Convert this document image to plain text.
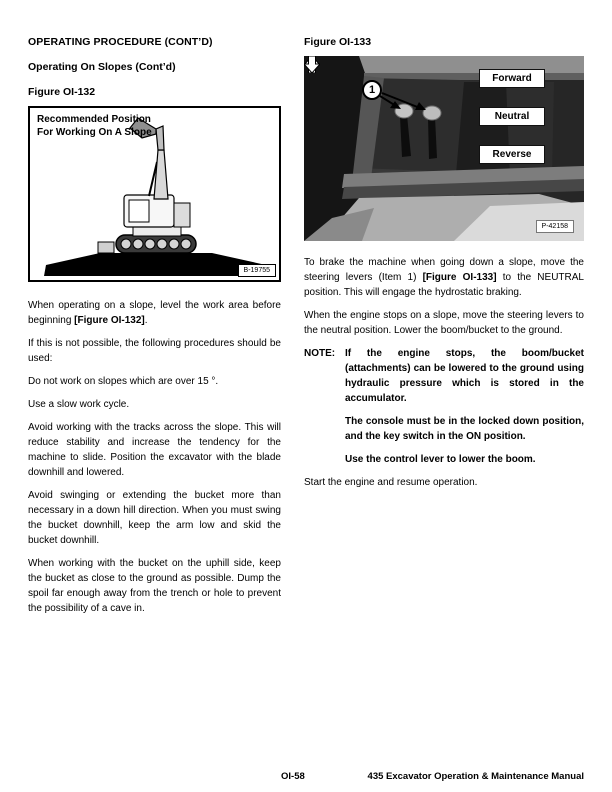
OPERATING PROCEDURE (CONT’D)
Operating On Slopes (Cont’d)
Figure OI-132
Recommended Position
For Working On A Slope
B-19755

When operating on a slope, level the work area before beginning [Figure OI-132].

If this is not possible, the following procedures should be used:

Do not work on slopes which are over 15 °.

Use a slow work cycle.

Avoid working with the tracks across the slope. This will reduce stability and increase the tendency for the machine to slide. Position the excavator with the blade downhill and lowered.

Avoid swinging or extending the bucket more than necessary in a down hill direction. When you must swing the bucket downhill, keep the arm low and skid the bucket downhill.

When working with the bucket on the uphill side, keep the bucket as close to the ground as possible. Dump the spoil far enough away from the trench or hole to prevent the possibility of a cave in.

Figure OI-133
1
Forward
Neutral
Reverse
P-42158

To brake the machine when going down a slope, move the steering levers (Item 1) [Figure OI-133] to the NEUTRAL position. This will engage the hydrostatic braking.

When the engine stops on a slope, move the steering levers to the neutral position. Lower the boom/bucket to the ground.

NOTE: If the engine stops, the boom/bucket (attachments) can be lowered to the ground using hydraulic pressure which is stored in the accumulator.
The console must be in the locked down position, and the key switch in the ON position.
Use the control lever to lower the boom.

Start the engine and resume operation.

OI-58	435 Excavator Operation & Maintenance Manual
